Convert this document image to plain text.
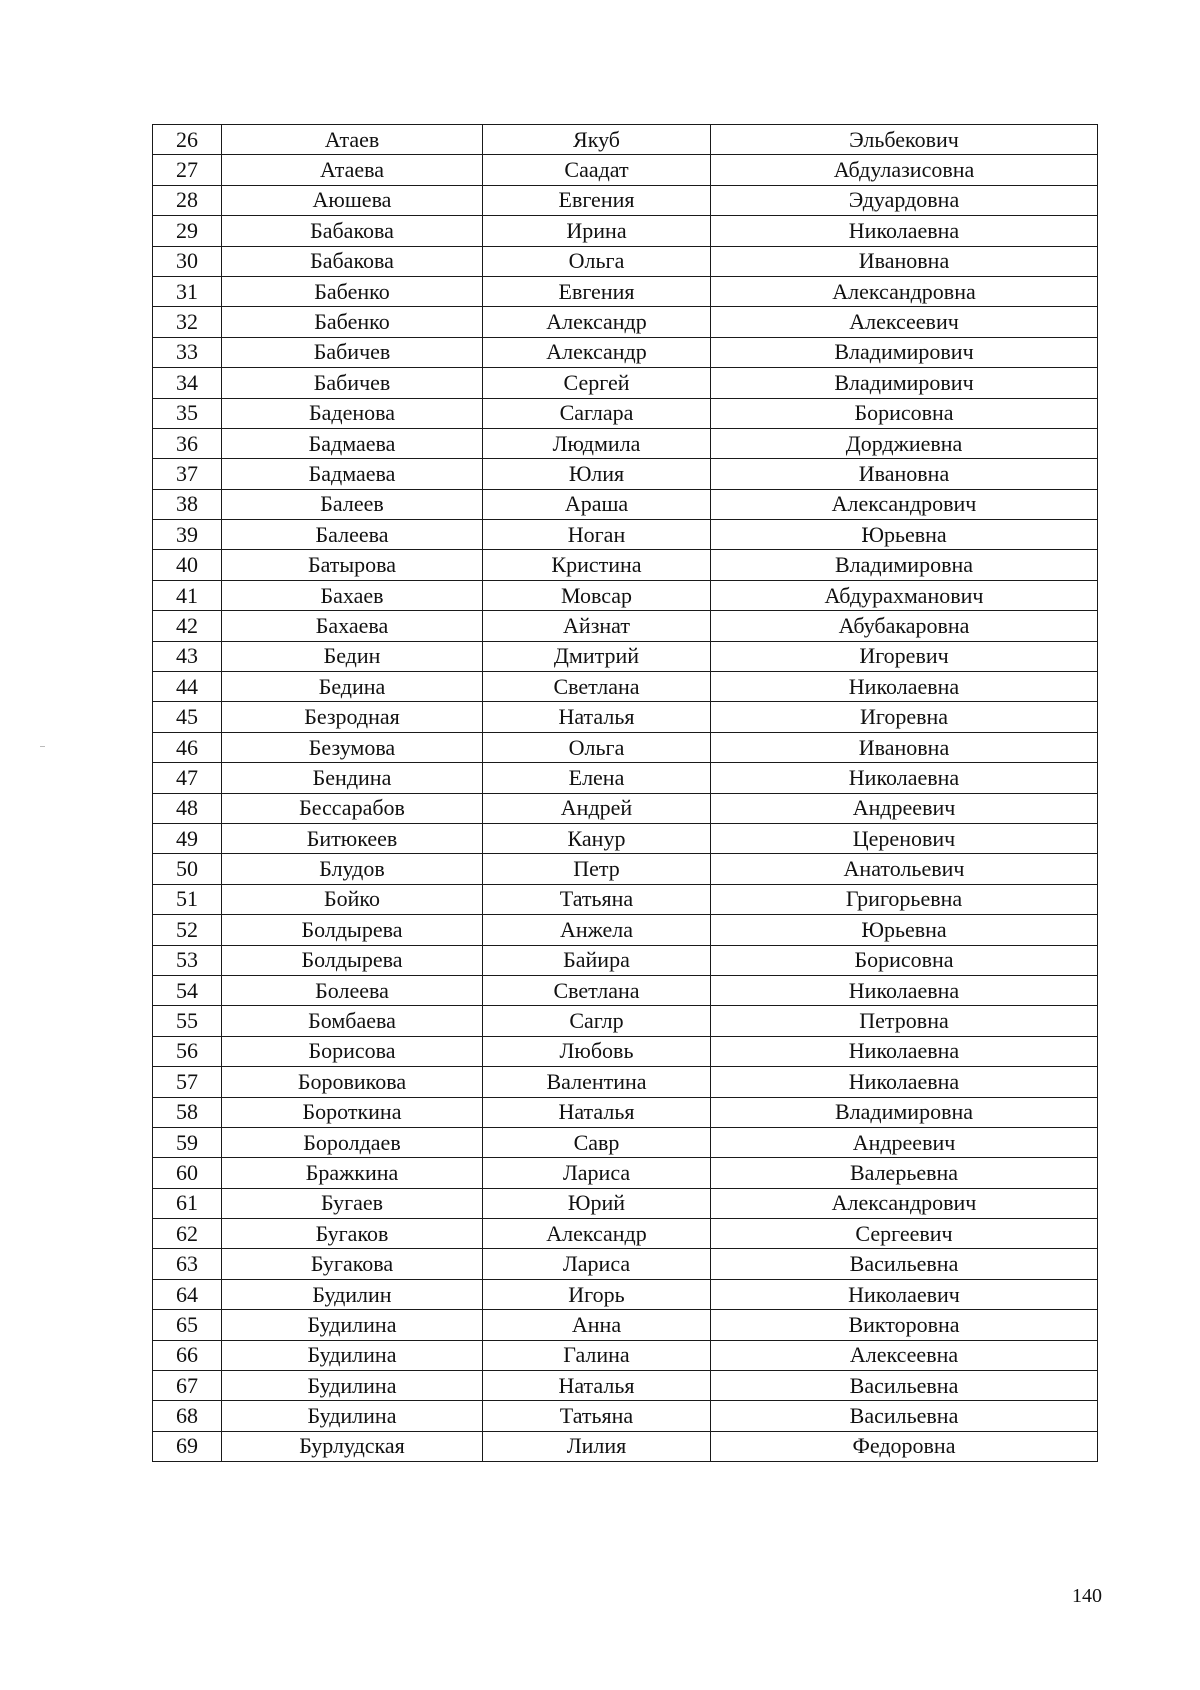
26	Атаев	Якуб	Эльбекович
27	Атаева	Саадат	Абдулазисовна
28	Аюшева	Евгения	Эдуардовна
29	Бабакова	Ирина	Николаевна
30	Бабакова	Ольга	Ивановна
31	Бабенко	Евгения	Александровна
32	Бабенко	Александр	Алексеевич
33	Бабичев	Александр	Владимирович
34	Бабичев	Сергей	Владимирович
35	Баденова	Саглара	Борисовна
36	Бадмаева	Людмила	Дорджиевна
37	Бадмаева	Юлия	Ивановна
38	Балеев	Араша	Александрович
39	Балеева	Ноган	Юрьевна
40	Батырова	Кристина	Владимировна
41	Бахаев	Мовсар	Абдурахманович
42	Бахаева	Айзнат	Абубакаровна
43	Бедин	Дмитрий	Игоревич
44	Бедина	Светлана	Николаевна
45	Безродная	Наталья	Игоревна
46	Безумова	Ольга	Ивановна
47	Бендина	Елена	Николаевна
48	Бессарабов	Андрей	Андреевич
49	Битюкеев	Канур	Церенович
50	Блудов	Петр	Анатольевич
51	Бойко	Татьяна	Григорьевна
52	Болдырева	Анжела	Юрьевна
53	Болдырева	Байира	Борисовна
54	Болеева	Светлана	Николаевна
55	Бомбаева	Саглр	Петровна
56	Борисова	Любовь	Николаевна
57	Боровикова	Валентина	Николаевна
58	Бороткина	Наталья	Владимировна
59	Боролдаев	Савр	Андреевич
60	Бражкина	Лариса	Валерьевна
61	Бугаев	Юрий	Александрович
62	Бугаков	Александр	Сергеевич
63	Бугакова	Лариса	Васильевна
64	Будилин	Игорь	Николаевич
65	Будилина	Анна	Викторовна
66	Будилина	Галина	Алексеевна
67	Будилина	Наталья	Васильевна
68	Будилина	Татьяна	Васильевна
69	Бурлудская	Лилия	Федоровна
140
